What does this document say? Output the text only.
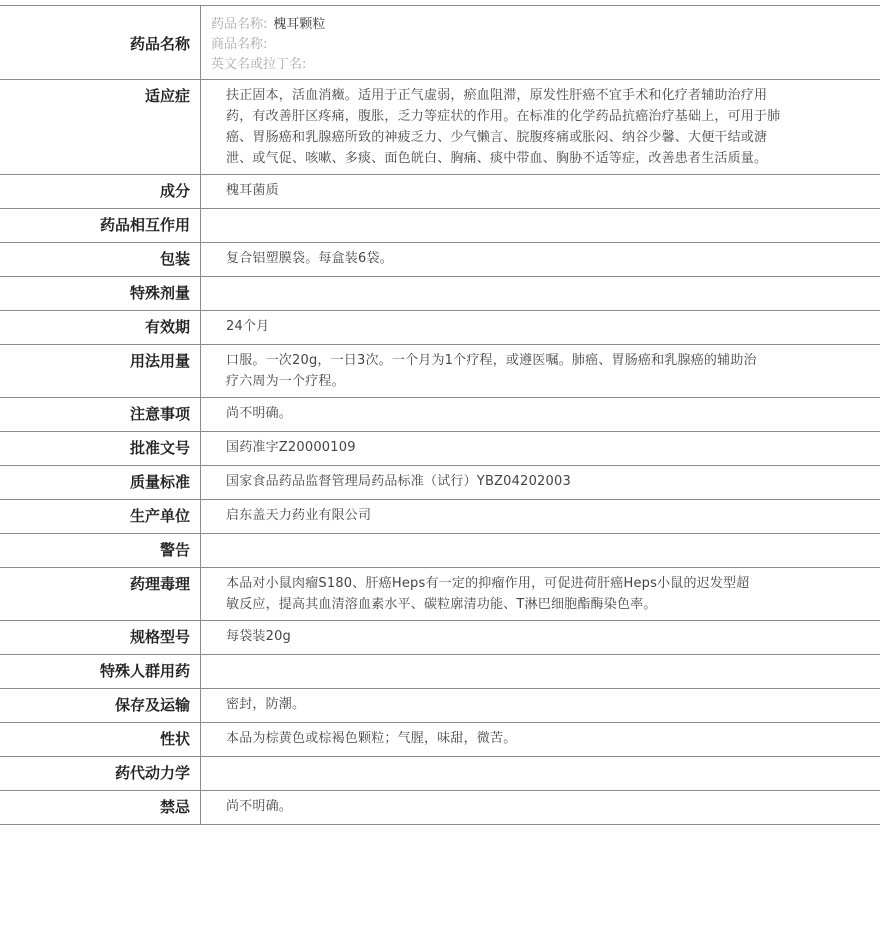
药品名称	药品名称: 槐耳颗粒
商品名称:
英文名或拉丁名:

适应症	扶正固本，活血消癥。适用于正气虚弱，瘀血阻滞，原发性肝癌不宜手术和化疗者辅助治疗用药，有改善肝区疼痛，腹胀，乏力等症状的作用。在标准的化学药品抗癌治疗基础上，可用于肺癌、胃肠癌和乳腺癌所致的神疲乏力、少气懒言、脘腹疼痛或胀闷、纳谷少馨、大便干结或溏泄、或气促、咳嗽、多痰、面色㿠白、胸痛、痰中带血、胸胁不适等症，改善患者生活质量。
成分	槐耳菌质
药品相互作用	
包装	复合铝塑膜袋。每盒装6袋。
特殊剂量	
有效期	24个月
用法用量	口服。一次20g，一日3次。一个月为1个疗程，或遵医嘱。肺癌、胃肠癌和乳腺癌的辅助治疗六周为一个疗程。
注意事项	尚不明确。
批准文号	国药准字Z20000109
质量标准	国家食品药品监督管理局药品标准（试行）YBZ04202003
生产单位	启东盖天力药业有限公司
警告	
药理毒理	本品对小鼠肉瘤S180、肝癌Heps有一定的抑瘤作用，可促进荷肝癌Heps小鼠的迟发型超敏反应，提高其血清溶血素水平、碳粒廓清功能、T淋巴细胞酯酶染色率。
规格型号	每袋装20g
特殊人群用药	
保存及运输	密封，防潮。
性状	本品为棕黄色或棕褐色颗粒；气腥，味甜，微苦。
药代动力学	
禁忌	尚不明确。
